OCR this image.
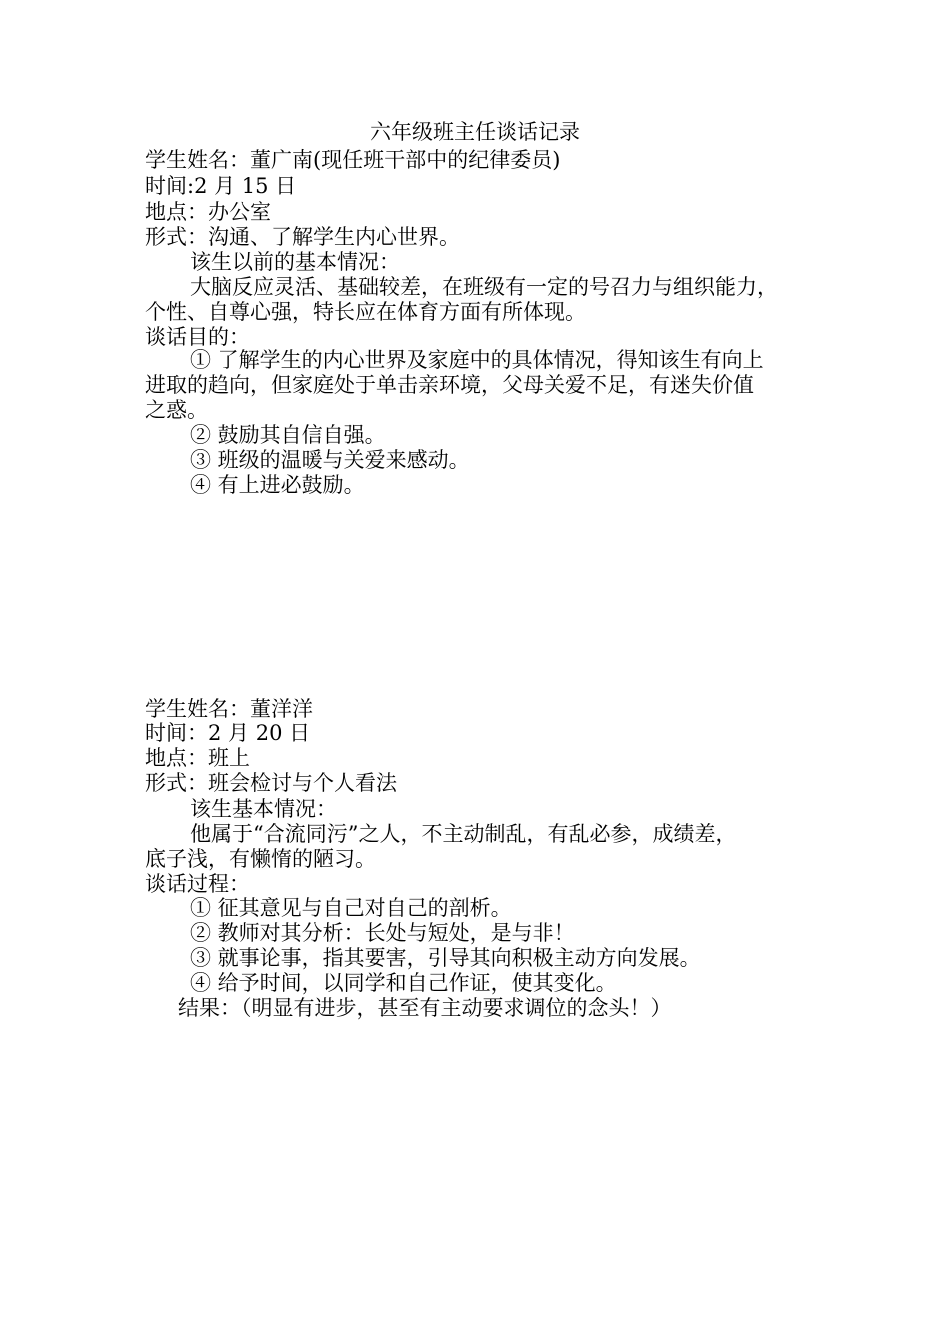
六年级班主任谈话记录
学生姓名：董广南(现任班干部中的纪律委员)
时间:2 月 15 日
地点：办公室
形式：沟通、了解学生内心世界。
该生以前的基本情况：
大脑反应灵活、基础较差，在班级有一定的号召力与组织能力，
个性、自尊心强，特长应在体育方面有所体现。
谈话目的：
① 了解学生的内心世界及家庭中的具体情况，得知该生有向上
进取的趋向，但家庭处于单击亲环境，父母关爱不足，有迷失价值
之惑。
② 鼓励其自信自强。
③ 班级的温暖与关爱来感动。
④ 有上进必鼓励。
学生姓名：董洋洋
时间：2 月 20 日
地点：班上
形式：班会检讨与个人看法
该生基本情况：
他属于“合流同污”之人，不主动制乱，有乱必参，成绩差，
底子浅，有懒惰的陋习。
谈话过程：
① 征其意见与自己对自己的剖析。
② 教师对其分析：长处与短处，是与非！
③ 就事论事，指其要害，引导其向积极主动方向发展。
④ 给予时间，以同学和自己作证，使其变化。
结果：（明显有进步，甚至有主动要求调位的念头！）
